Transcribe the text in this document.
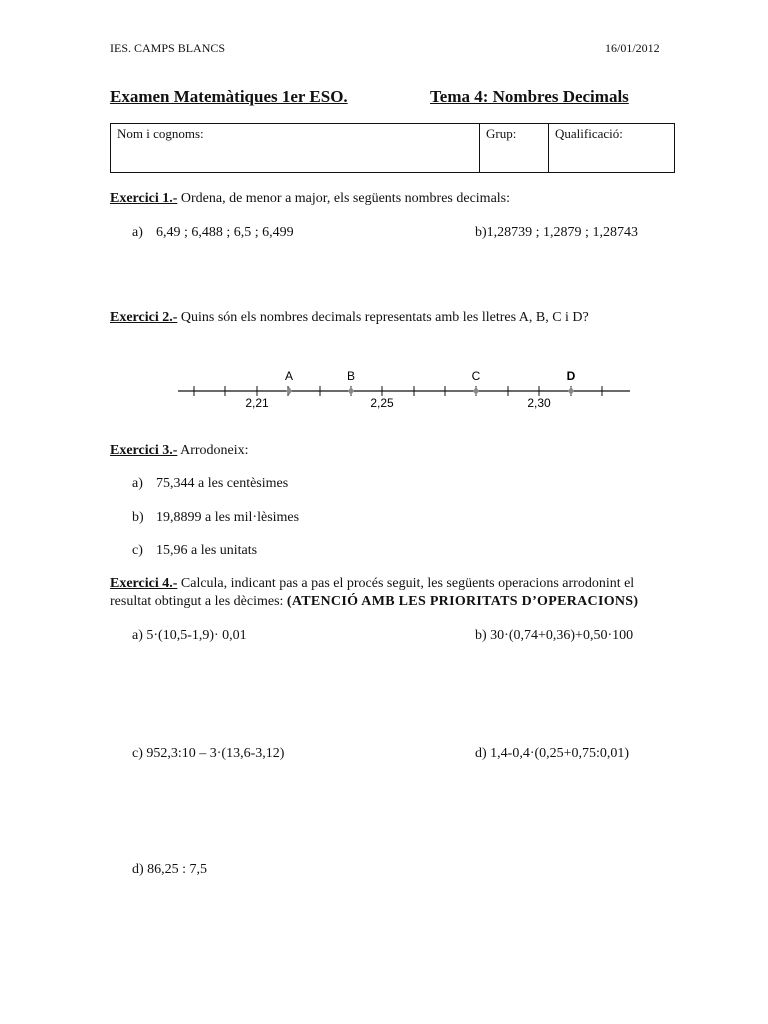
IES. CAMPS BLANCS	16/01/2012
Examen Matemàtiques 1er ESO.	Tema 4: Nombres Decimals
Nom i cognoms:	Grup:	Qualificació:
Exercici 1.- Ordena, de menor a major, els següents nombres decimals:
a) 6,49 ; 6,488 ; 6,5 ; 6,499	b)1,28739 ; 1,2879 ; 1,28743
Exercici 2.- Quins són els nombres decimals representats amb les lletres A, B, C i D?
A	B	C	D
2,21	2,25	2,30
Exercici 3.- Arrodoneix:
a) 75,344 a les centèsimes
b) 19,8899 a les mil·lèsimes
c) 15,96 a les unitats
Exercici 4.- Calcula, indicant pas a pas el procés seguit, les següents operacions arrodonint el
resultat obtingut a les dècimes: (ATENCIÓ AMB LES PRIORITATS D’OPERACIONS)
a) 5·(10,5-1,9)· 0,01	b) 30·(0,74+0,36)+0,50·100
c) 952,3:10 – 3·(13,6-3,12)	d) 1,4-0,4·(0,25+0,75:0,01)
d) 86,25 : 7,5
